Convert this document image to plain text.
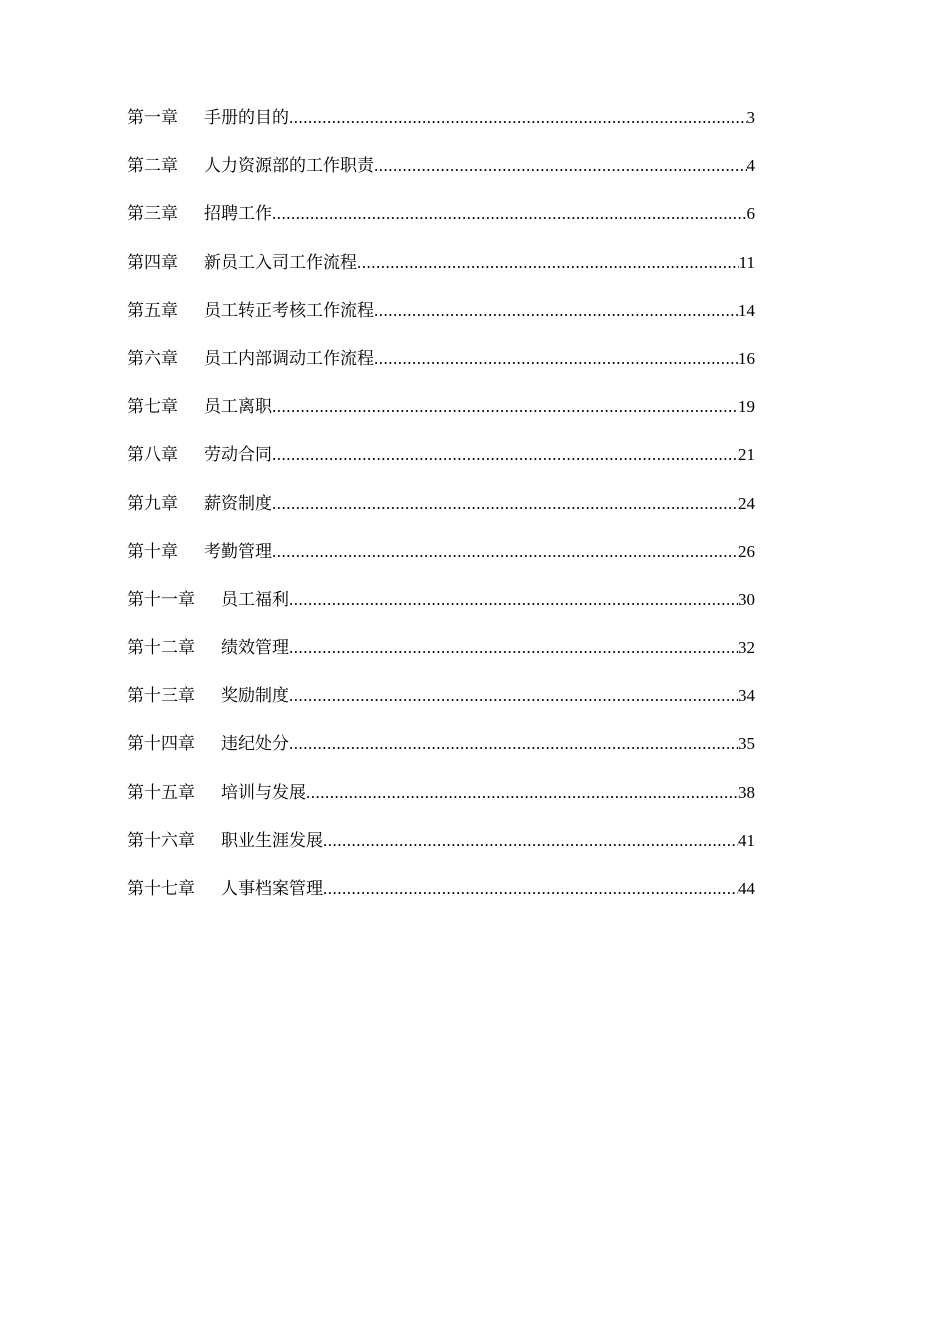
第一章	手册的目的 .....	3
第二章	人力资源部的工作职责 .....	4
第三章	招聘工作 .....	6
第四章	新员工入司工作流程 .....	11
第五章	员工转正考核工作流程 .....	14
第六章	员工内部调动工作流程 .....	16
第七章	员工离职 .....	19
第八章	劳动合同 .....	21
第九章	薪资制度 .....	24
第十章	考勤管理 .....	26
第十一章	员工福利 .....	30
第十二章	绩效管理 .....	32
第十三章	奖励制度 .....	34
第十四章	违纪处分 .....	35
第十五章	培训与发展 .....	38
第十六章	职业生涯发展 .....	41
第十七章	人事档案管理 .....	44
